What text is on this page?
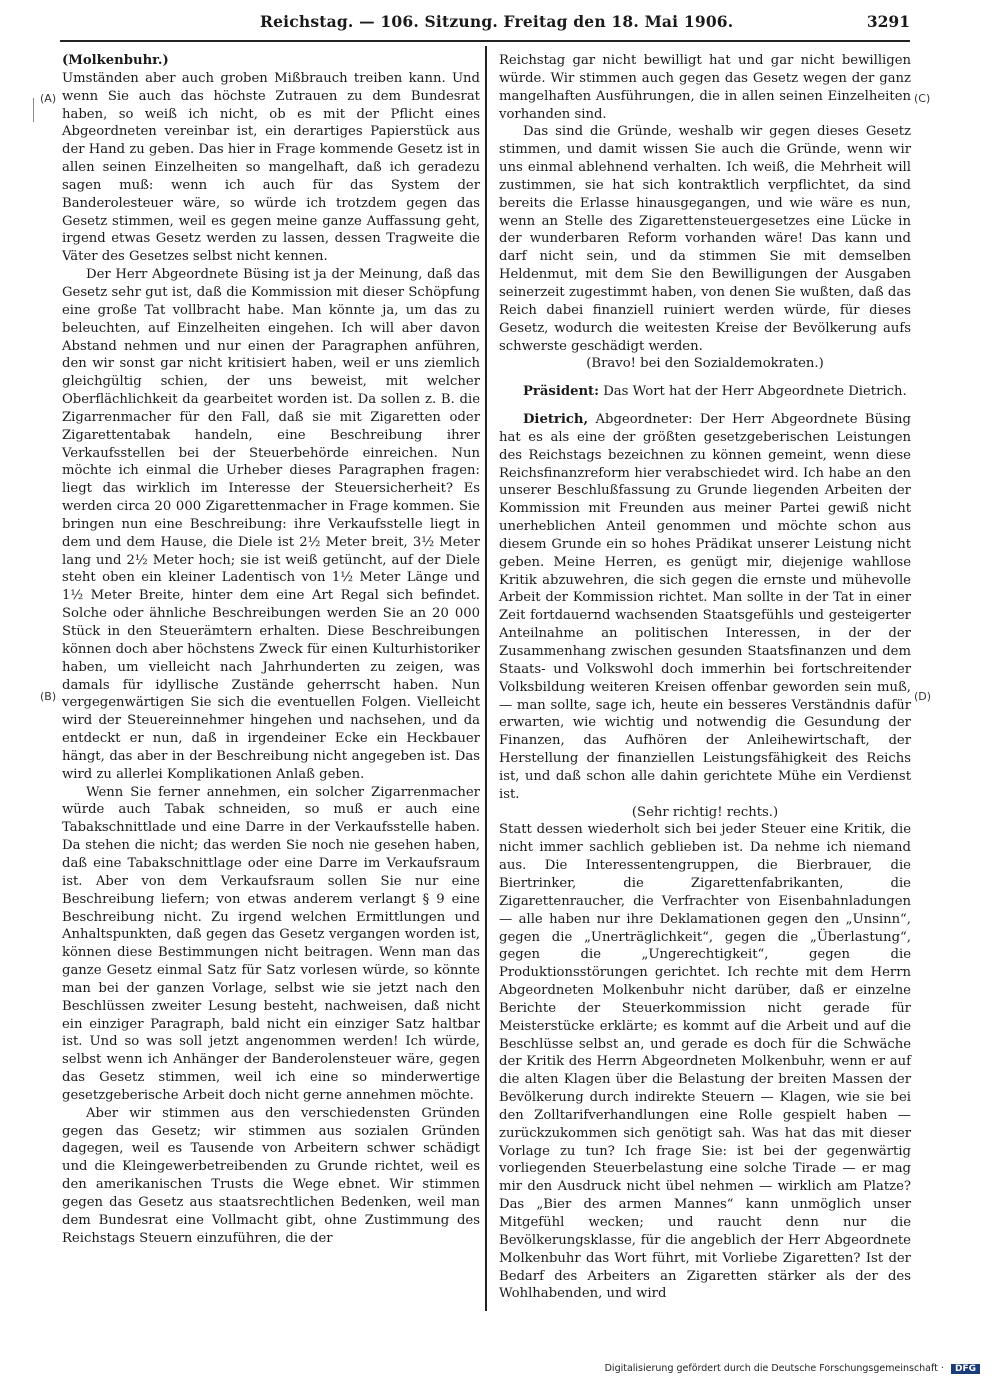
Reichstag. — 106. Sitzung. Freitag den 18. Mai 1906.	3291
(A)
(B)
(C)
(D)

(Molkenbuhr.)

Umständen aber auch groben Mißbrauch treiben kann. Und wenn Sie auch das höchste Zutrauen zu dem Bundesrat haben, so weiß ich nicht, ob es mit der Pflicht eines Abgeordneten vereinbar ist, ein derartiges Papierstück aus der Hand zu geben. Das hier in Frage kommende Gesetz ist in allen seinen Einzelheiten so mangelhaft, daß ich geradezu sagen muß: wenn ich auch für das System der Banderolesteuer wäre, so würde ich trotzdem gegen das Gesetz stimmen, weil es gegen meine ganze Auffassung geht, irgend etwas Gesetz werden zu lassen, dessen Tragweite die Väter des Gesetzes selbst nicht kennen.

Der Herr Abgeordnete Büsing ist ja der Meinung, daß das Gesetz sehr gut ist, daß die Kommission mit dieser Schöpfung eine große Tat vollbracht habe. Man könnte ja, um das zu beleuchten, auf Einzelheiten eingehen. Ich will aber davon Abstand nehmen und nur einen der Paragraphen anführen, den wir sonst gar nicht kritisiert haben, weil er uns ziemlich gleichgültig schien, der uns beweist, mit welcher Oberflächlichkeit da gearbeitet worden ist. Da sollen z. B. die Zigarrenmacher für den Fall, daß sie mit Zigaretten oder Zigarettentabak handeln, eine Beschreibung ihrer Verkaufsstellen bei der Steuerbehörde einreichen. Nun möchte ich einmal die Urheber dieses Paragraphen fragen: liegt das wirklich im Interesse der Steuersicherheit? Es werden circa 20 000 Zigarettenmacher in Frage kommen. Sie bringen nun eine Beschreibung: ihre Verkaufsstelle liegt in dem und dem Hause, die Diele ist 2½ Meter breit, 3½ Meter lang und 2½ Meter hoch; sie ist weiß getüncht, auf der Diele steht oben ein kleiner Ladentisch von 1½ Meter Länge und 1½ Meter Breite, hinter dem eine Art Regal sich befindet. Solche oder ähnliche Beschreibungen werden Sie an 20 000 Stück in den Steuerämtern erhalten. Diese Beschreibungen können doch aber höchstens Zweck für einen Kulturhistoriker haben, um vielleicht nach Jahrhunderten zu zeigen, was damals für idyllische Zustände geherrscht haben. Nun vergegenwärtigen Sie sich die eventuellen Folgen. Vielleicht wird der Steuereinnehmer hingehen und nachsehen, und da entdeckt er nun, daß in irgendeiner Ecke ein Heckbauer hängt, das aber in der Beschreibung nicht angegeben ist. Das wird zu allerlei Komplikationen Anlaß geben.

Wenn Sie ferner annehmen, ein solcher Zigarrenmacher würde auch Tabak schneiden, so muß er auch eine Tabakschnittlade und eine Darre in der Verkaufsstelle haben. Da stehen die nicht; das werden Sie noch nie gesehen haben, daß eine Tabakschnittlage oder eine Darre im Verkaufsraum ist. Aber von dem Verkaufsraum sollen Sie nur eine Beschreibung liefern; von etwas anderem verlangt § 9 eine Beschreibung nicht. Zu irgend welchen Ermittlungen und Anhaltspunkten, daß gegen das Gesetz vergangen worden ist, können diese Bestimmungen nicht beitragen. Wenn man das ganze Gesetz einmal Satz für Satz vorlesen würde, so könnte man bei der ganzen Vorlage, selbst wie sie jetzt nach den Beschlüssen zweiter Lesung besteht, nachweisen, daß nicht ein einziger Paragraph, bald nicht ein einziger Satz haltbar ist. Und so was soll jetzt angenommen werden! Ich würde, selbst wenn ich Anhänger der Banderolensteuer wäre, gegen das Gesetz stimmen, weil ich eine so minderwertige gesetzgeberische Arbeit doch nicht gerne annehmen möchte.

Aber wir stimmen aus den verschiedensten Gründen gegen das Gesetz; wir stimmen aus sozialen Gründen dagegen, weil es Tausende von Arbeitern schwer schädigt und die Kleingewerbetreibenden zu Grunde richtet, weil es den amerikanischen Trusts die Wege ebnet. Wir stimmen gegen das Gesetz aus staatsrechtlichen Bedenken, weil man dem Bundesrat eine Vollmacht gibt, ohne Zustimmung des Reichstags Steuern einzuführen, die der

Reichstag gar nicht bewilligt hat und gar nicht bewilligen würde. Wir stimmen auch gegen das Gesetz wegen der ganz mangelhaften Ausführungen, die in allen seinen Einzelheiten vorhanden sind.

Das sind die Gründe, weshalb wir gegen dieses Gesetz stimmen, und damit wissen Sie auch die Gründe, wenn wir uns einmal ablehnend verhalten. Ich weiß, die Mehrheit will zustimmen, sie hat sich kontraktlich verpflichtet, da sind bereits die Erlasse hinausgegangen, und wie wäre es nun, wenn an Stelle des Zigarettensteuergesetzes eine Lücke in der wunderbaren Reform vorhanden wäre! Das kann und darf nicht sein, und da stimmen Sie mit demselben Heldenmut, mit dem Sie den Bewilligungen der Ausgaben seinerzeit zugestimmt haben, von denen Sie wußten, daß das Reich dabei finanziell ruiniert werden würde, für dieses Gesetz, wodurch die weitesten Kreise der Bevölkerung aufs schwerste geschädigt werden.

(Bravo! bei den Sozialdemokraten.)

Präsident: Das Wort hat der Herr Abgeordnete Dietrich.

Dietrich, Abgeordneter: Der Herr Abgeordnete Büsing hat es als eine der größten gesetzgeberischen Leistungen des Reichstags bezeichnen zu können gemeint, wenn diese Reichsfinanzreform hier verabschiedet wird. Ich habe an den unserer Beschlußfassung zu Grunde liegenden Arbeiten der Kommission mit Freunden aus meiner Partei gewiß nicht unerheblichen Anteil genommen und möchte schon aus diesem Grunde ein so hohes Prädikat unserer Leistung nicht geben. Meine Herren, es genügt mir, diejenige wahllose Kritik abzuwehren, die sich gegen die ernste und mühevolle Arbeit der Kommission richtet. Man sollte in der Tat in einer Zeit fortdauernd wachsenden Staatsgefühls und gesteigerter Anteilnahme an politischen Interessen, in der der Zusammenhang zwischen gesunden Staatsfinanzen und dem Staats- und Volkswohl doch immerhin bei fortschreitender Volksbildung weiteren Kreisen offenbar geworden sein muß, — man sollte, sage ich, heute ein besseres Verständnis dafür erwarten, wie wichtig und notwendig die Gesundung der Finanzen, das Aufhören der Anleihewirtschaft, der Herstellung der finanziellen Leistungsfähigkeit des Reichs ist, und daß schon alle dahin gerichtete Mühe ein Verdienst ist.

(Sehr richtig! rechts.)

Statt dessen wiederholt sich bei jeder Steuer eine Kritik, die nicht immer sachlich geblieben ist. Da nehme ich niemand aus. Die Interessentengruppen, die Bierbrauer, die Biertrinker, die Zigarettenfabrikanten, die Zigarettenraucher, die Verfrachter von Eisenbahnladungen — alle haben nur ihre Deklamationen gegen den „Unsinn“, gegen die „Unerträglichkeit“, gegen die „Überlastung“, gegen die „Ungerechtigkeit“, gegen die Produktionsstörungen gerichtet. Ich rechte mit dem Herrn Abgeordneten Molkenbuhr nicht darüber, daß er einzelne Berichte der Steuerkommission nicht gerade für Meisterstücke erklärte; es kommt auf die Arbeit und auf die Beschlüsse selbst an, und gerade es doch für die Schwäche der Kritik des Herrn Abgeordneten Molkenbuhr, wenn er auf die alten Klagen über die Belastung der breiten Massen der Bevölkerung durch indirekte Steuern — Klagen, wie sie bei den Zolltarifverhandlungen eine Rolle gespielt haben — zurückzukommen sich genötigt sah. Was hat das mit dieser Vorlage zu tun? Ich frage Sie: ist bei der gegenwärtig vorliegenden Steuerbelastung eine solche Tirade — er mag mir den Ausdruck nicht übel nehmen — wirklich am Platze? Das „Bier des armen Mannes“ kann unmöglich unser Mitgefühl wecken; und raucht denn nur die Bevölkerungsklasse, für die angeblich der Herr Abgeordnete Molkenbuhr das Wort führt, mit Vorliebe Zigaretten? Ist der Bedarf des Arbeiters an Zigaretten stärker als der des Wohlhabenden, und wird

Digitalisierung gefördert durch die Deutsche Forschungsgemeinschaft · DFG
